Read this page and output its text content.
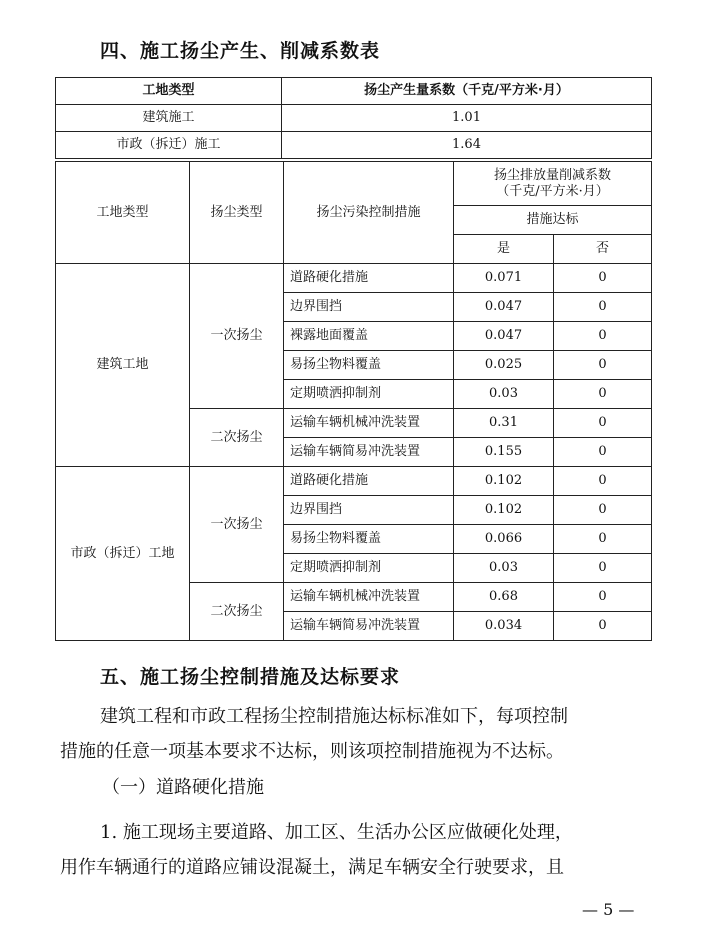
四、施工扬尘产生、削减系数表
工地类型	扬尘产生量系数（千克/平方米·月）
建筑施工	1.01
市政（拆迁）施工	1.64
工地类型	扬尘类型	扬尘污染控制措施	扬尘排放量削减系数
（千克/平方米·月）	

			措施达标	
			是	否
建筑工地	一次扬尘	道路硬化措施	0.071	0
		边界围挡	0.047	0
		裸露地面覆盖	0.047	0
		易扬尘物料覆盖	0.025	0
		定期喷洒抑制剂	0.03	0
	二次扬尘	运输车辆机械冲洗装置	0.31	0
		运输车辆简易冲洗装置	0.155	0
市政（拆迁）工地	一次扬尘	道路硬化措施	0.102	0
		边界围挡	0.102	0
		易扬尘物料覆盖	0.066	0
		定期喷洒抑制剂	0.03	0
	二次扬尘	运输车辆机械冲洗装置	0.68	0
		运输车辆简易冲洗装置	0.034	0
五、施工扬尘控制措施及达标要求

建筑工程和市政工程扬尘控制措施达标标准如下，每项控制

措施的任意一项基本要求不达标，则该项控制措施视为不达标。

（一）道路硬化措施

1. 施工现场主要道路、加工区、生活办公区应做硬化处理，

用作车辆通行的道路应铺设混凝土，满足车辆安全行驶要求，且

— 5 —
